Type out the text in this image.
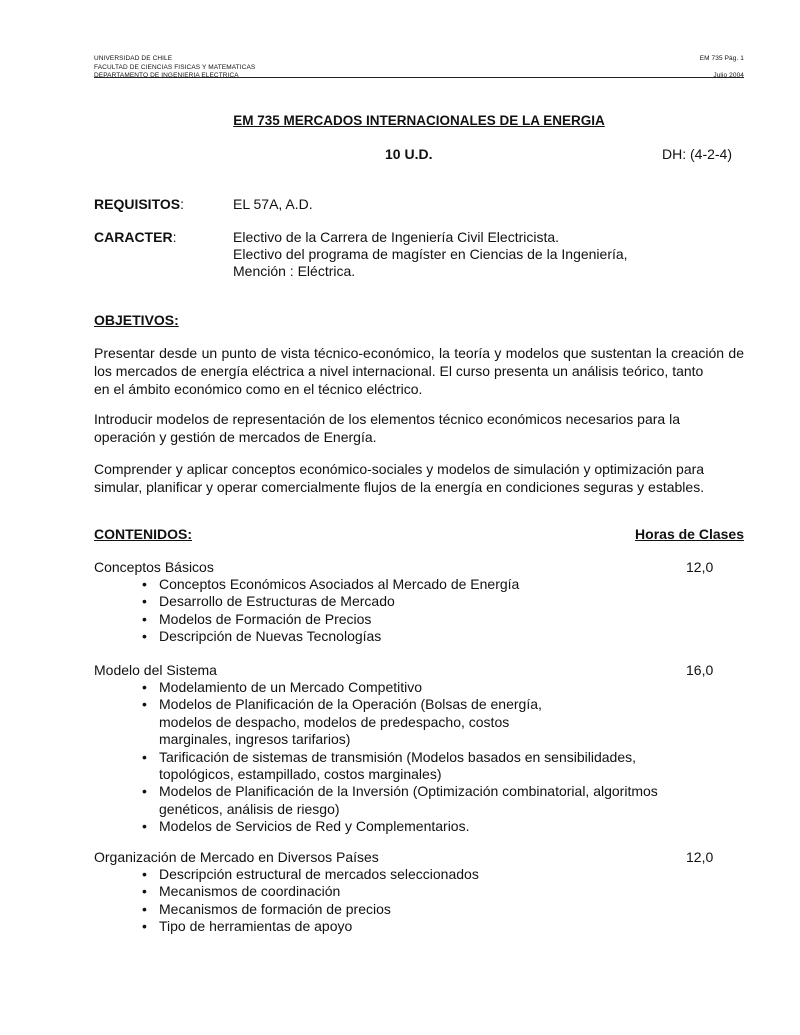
UNIVERSIDAD DE CHILE
FACULTAD DE CIENCIAS FISICAS Y MATEMATICAS
DEPARTAMENTO DE INGENIERIA ELECTRICA
EM 735 Pág. 1
Julio 2004
EM 735 MERCADOS INTERNACIONALES DE LA ENERGIA
10 U.D.	DH: (4-2-4)
REQUISITOS:	EL 57A, A.D.
CARACTER:	Electivo de la Carrera de Ingeniería Civil Electricista.
Electivo del programa de magíster en Ciencias de la Ingeniería,
Mención : Eléctrica.
OBJETIVOS:
Presentar desde un punto de vista técnico-económico, la teoría y modelos que sustentan la creación de los mercados de energía eléctrica a nivel internacional. El curso presenta un análisis teórico, tanto
en el ámbito económico como en el técnico eléctrico.
Introducir modelos de representación de los elementos técnico económicos necesarios para la
operación y gestión de mercados de Energía.
Comprender y aplicar conceptos económico-sociales y modelos de simulación y optimización para
simular, planificar y operar comercialmente flujos de la energía en condiciones seguras y estables.
CONTENIDOS:	Horas de Clases
Conceptos Básicos	12,0
• Conceptos Económicos Asociados al Mercado de Energía
• Desarrollo de Estructuras de Mercado
• Modelos de Formación de Precios
• Descripción de Nuevas Tecnologías
Modelo del Sistema	16,0
• Modelamiento de un Mercado Competitivo
• Modelos de Planificación de la Operación (Bolsas de energía,
modelos de despacho, modelos de predespacho, costos
marginales, ingresos tarifarios)
• Tarificación de sistemas de transmisión (Modelos basados en sensibilidades,
topológicos, estampillado, costos marginales)
• Modelos de Planificación de la Inversión (Optimización combinatorial, algoritmos
genéticos, análisis de riesgo)
• Modelos de Servicios de Red y Complementarios.
Organización de Mercado en Diversos Países	12,0
• Descripción estructural de mercados seleccionados
• Mecanismos de coordinación
• Mecanismos de formación de precios
• Tipo de herramientas de apoyo
